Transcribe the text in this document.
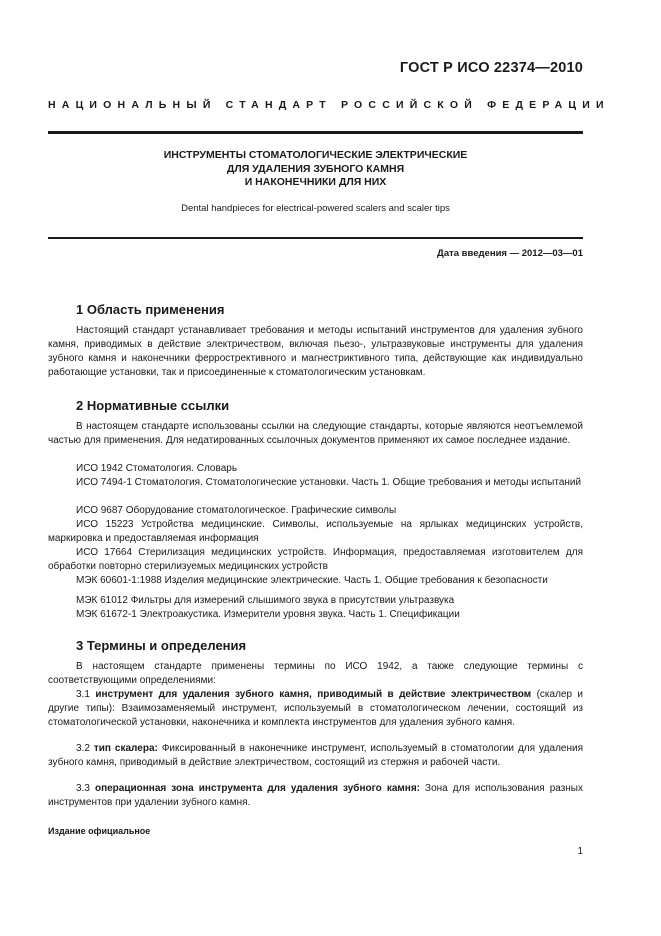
ГОСТ Р ИСО 22374—2010
НАЦИОНАЛЬНЫЙ СТАНДАРТ РОССИЙСКОЙ ФЕДЕРАЦИИ
ИНСТРУМЕНТЫ СТОМАТОЛОГИЧЕСКИЕ ЭЛЕКТРИЧЕСКИЕ
ДЛЯ УДАЛЕНИЯ ЗУБНОГО КАМНЯ
И НАКОНЕЧНИКИ ДЛЯ НИХ
Dental handpieces for electrical-powered scalers and scaler tips
Дата введения — 2012—03—01
1 Область применения

Настоящий стандарт устанавливает требования и методы испытаний инструментов для удаления зубного камня, приводимых в действие электричеством, включая пьезо-, ультразвуковые инструменты для удаления зубного камня и наконечники феррострективного и магнестриктивного типа, действующие как индивидуально работающие установки, так и присоединенные к стоматологическим установкам.

2 Нормативные ссылки

В настоящем стандарте использованы ссылки на следующие стандарты, которые являются неотъемлемой частью для применения. Для недатированных ссылочных документов применяют их самое последнее издание.

ИСО 1942 Стоматология. Словарь

ИСО 7494-1 Стоматология. Стоматологические установки. Часть 1. Общие требования и методы испытаний

ИСО 9687 Оборудование стоматологическое. Графические символы

ИСО 15223 Устройства медицинские. Символы, используемые на ярлыках медицинских устройств, маркировка и предоставляемая информация

ИСО 17664 Стерилизация медицинских устройств. Информация, предоставляемая изготовителем для обработки повторно стерилизуемых медицинских устройств

МЭК 60601-1:1988 Изделия медицинские электрические. Часть 1. Общие требования к безопасности

МЭК 61012 Фильтры для измерений слышимого звука в присутствии ультразвука

МЭК 61672-1 Электроакустика. Измерители уровня звука. Часть 1. Спецификации

3 Термины и определения

В настоящем стандарте применены термины по ИСО 1942, а также следующие термины с соответствующими определениями:

3.1 инструмент для удаления зубного камня, приводимый в действие электричеством (скалер и другие типы): Взаимозаменяемый инструмент, используемый в стоматологическом лечении, состоящий из стоматологической установки, наконечника и комплекта инструментов для удаления зубного камня.

3.2 тип скалера: Фиксированный в наконечнике инструмент, используемый в стоматологии для удаления зубного камня, приводимый в действие электричеством, состоящий из стержня и рабочей части.

3.3 операционная зона инструмента для удаления зубного камня: Зона для использования разных инструментов при удалении зубного камня.

Издание официальное
1
